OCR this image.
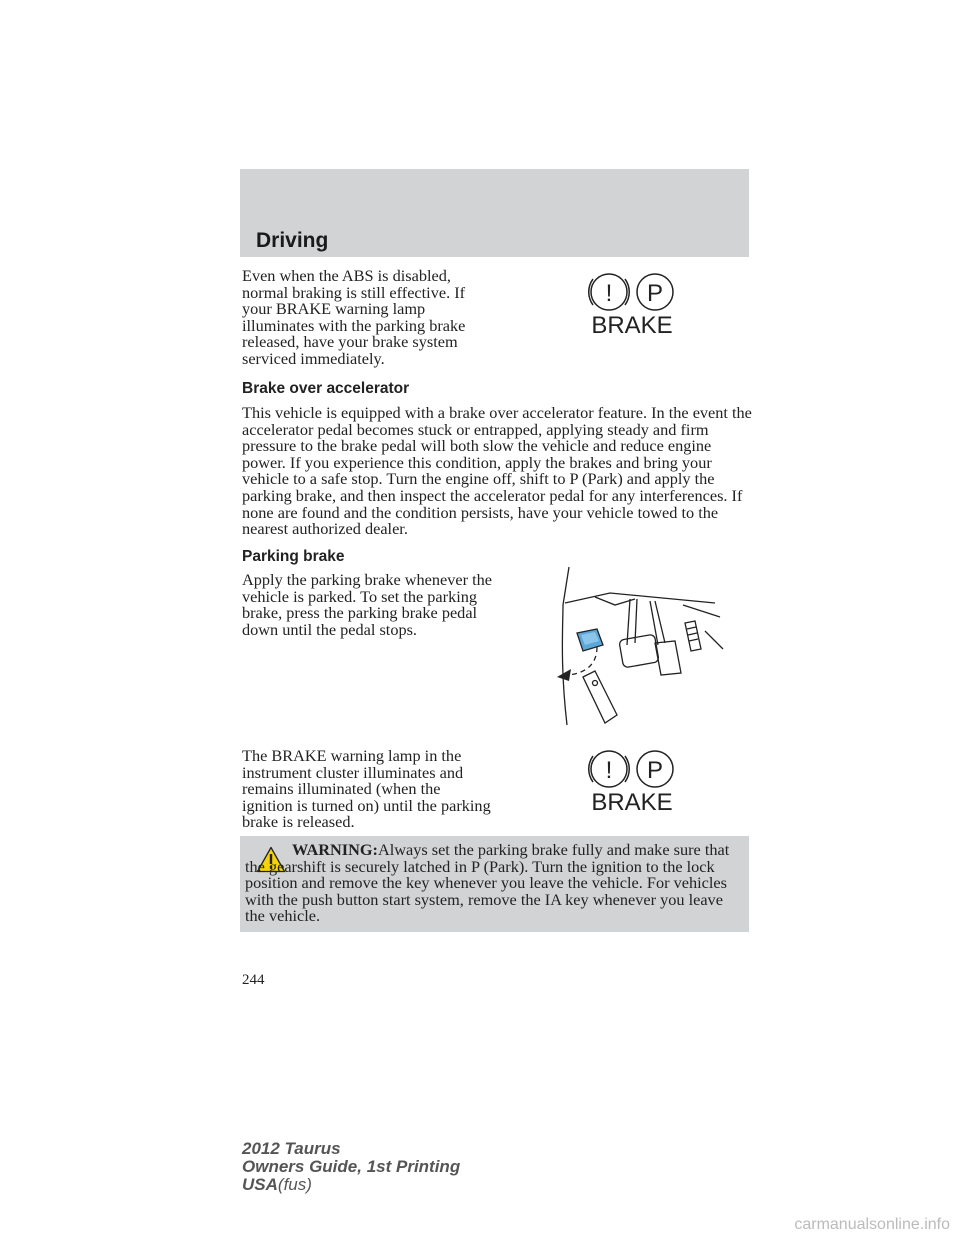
Driving

Even when the ABS is disabled, normal braking is still effective. If your BRAKE warning lamp illuminates with the parking brake released, have your brake system serviced immediately.

! P
BRAKE
Brake over accelerator

This vehicle is equipped with a brake over accelerator feature. In the event the accelerator pedal becomes stuck or entrapped, applying steady and firm pressure to the brake pedal will both slow the vehicle and reduce engine power. If you experience this condition, apply the brakes and bring your vehicle to a safe stop. Turn the engine off, shift to P (Park) and apply the parking brake, and then inspect the accelerator pedal for any interferences. If none are found and the condition persists, have your vehicle towed to the nearest authorized dealer.

Parking brake

Apply the parking brake whenever the vehicle is parked. To set the parking brake, press the parking brake pedal down until the pedal stops.

The BRAKE warning lamp in the instrument cluster illuminates and remains illuminated (when the ignition is turned on) until the parking brake is released.

! P
BRAKE

WARNING:Always set the parking brake fully and make sure that the gearshift is securely latched in P (Park). Turn the ignition to the lock position and remove the key whenever you leave the vehicle. For vehicles with the push button start system, remove the IA key whenever you leave the vehicle.

244
2012 Taurus
Owners Guide, 1st Printing
USA(fus)
carmanualsonline.info
